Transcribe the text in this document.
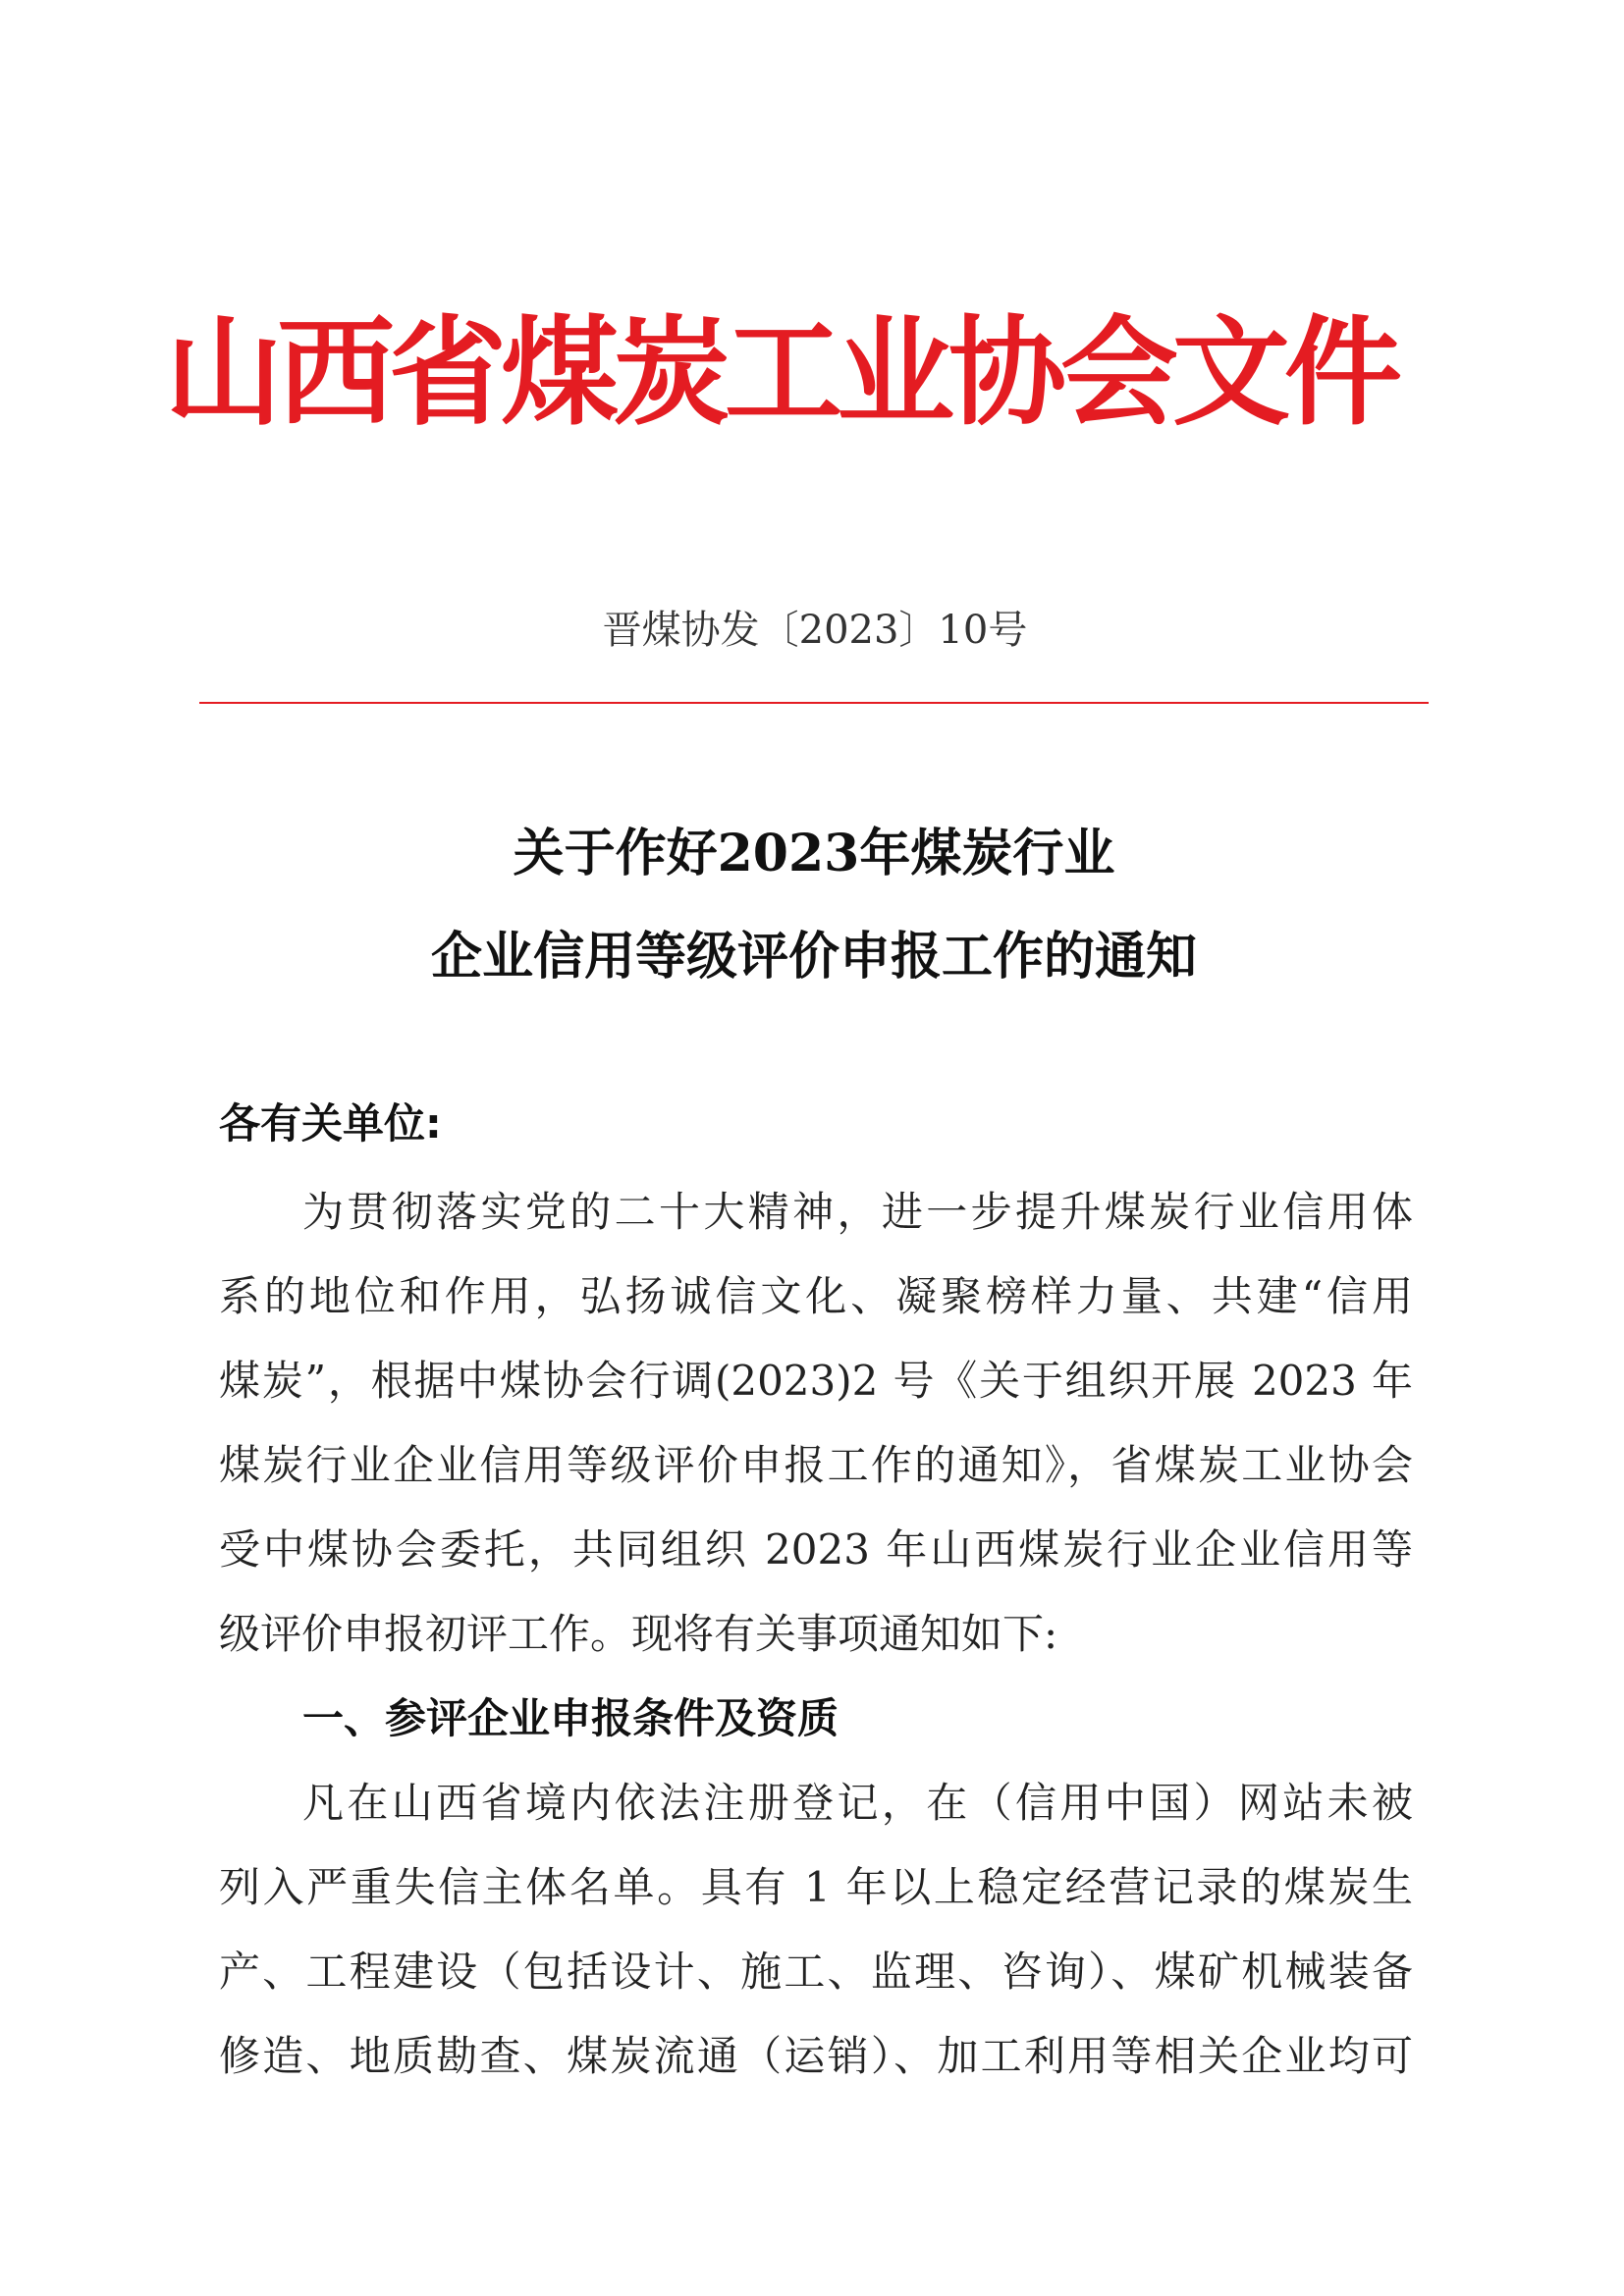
山西省煤炭工业协会文件
晋煤协发〔2023〕10号
关于作好2023年煤炭行业
企业信用等级评价申报工作的通知
各有关单位:
为贯彻落实党的二十大精神，进一步提升煤炭行业信用体
系的地位和作用，弘扬诚信文化、凝聚榜样力量、共建“信用
煤炭”，根据中煤协会行调(2023)2 号《关于组织开展 2023 年
煤炭行业企业信用等级评价申报工作的通知》，省煤炭工业协会
受中煤协会委托，共同组织 2023 年山西煤炭行业企业信用等
级评价申报初评工作。现将有关事项通知如下:
一、参评企业申报条件及资质
凡在山西省境内依法注册登记，在（信用中国）网站未被
列入严重失信主体名单。具有 1 年以上稳定经营记录的煤炭生
产、工程建设（包括设计、施工、监理、咨询）、煤矿机械装备
修造、地质勘查、煤炭流通（运销）、加工利用等相关企业均可
